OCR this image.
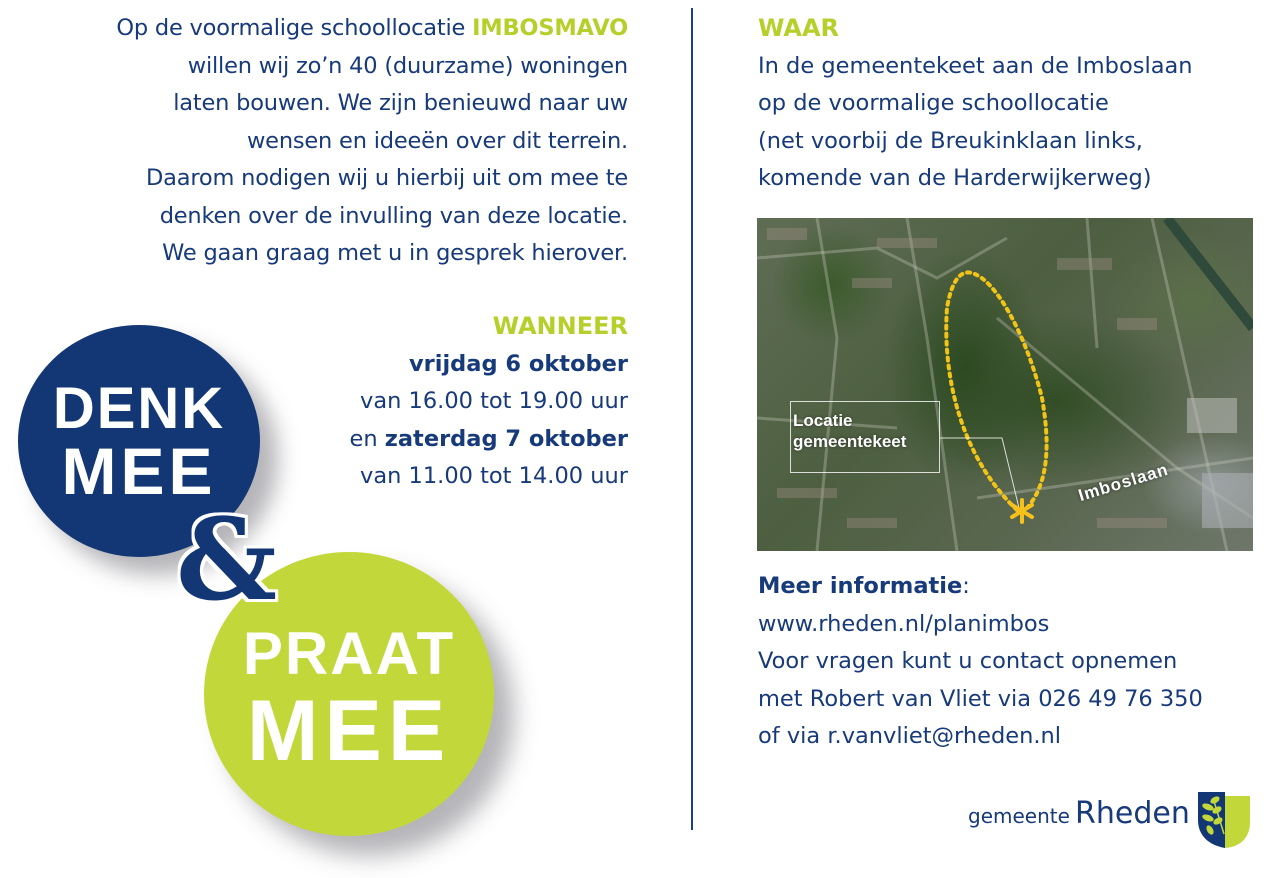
Op de voormalige schoollocatie IMBOSMAVO
willen wij zo’n 40 (duurzame) woningen
laten bouwen. We zijn benieuwd naar uw
wensen en ideeën over dit terrein.
Daarom nodigen wij u hierbij uit om mee te
denken over de invulling van deze locatie.
We gaan graag met u in gesprek hierover.
WANNEER
vrijdag 6 oktober
van 16.00 tot 19.00 uur
en zaterdag 7 oktober
van 11.00 tot 14.00 uur
DENK
MEE
PRAAT
MEE
&
WAAR
In de gemeentekeet aan de Imboslaan
op de voormalige schoollocatie
(net voorbij de Breukinklaan links,
komende van de Harderwijkerweg)
Locatie
gemeentekeet
Imboslaan
Meer informatie:
www.rheden.nl/planimbos
Voor vragen kunt u contact opnemen
met Robert van Vliet via 026 49 76 350
of via r.vanvliet@rheden.nl
gemeente Rheden
